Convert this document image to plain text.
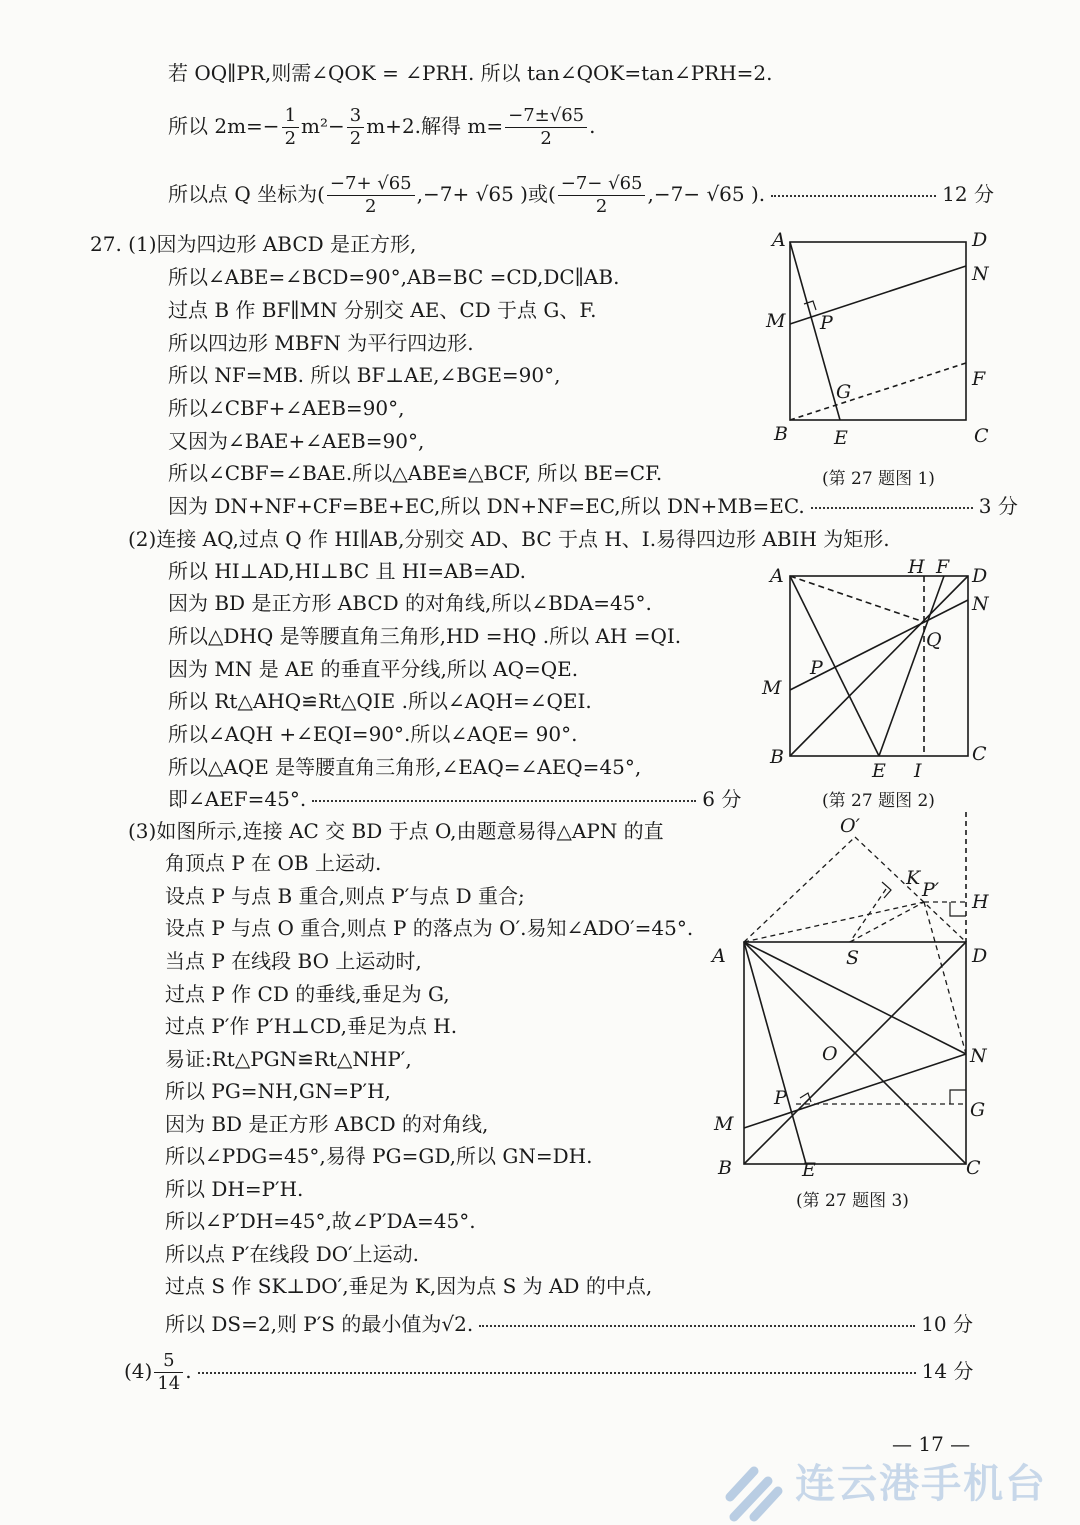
若 OQ∥PR,则需∠QOK = ∠PRH. 所以 tan∠QOK=tan∠PRH=2.
所以 $2m=- \frac{1}{2} m^2- \frac{3}{2} m+2$.解得 $m= \frac{-7\pm√65}{2}$ .
所以点 Q 坐标为( $\frac{-7+ √65}{2} ,-7+ √65$ )或( $\frac{-7- √65}{2} ,-7- √65$ ).	12 分
27. (1)因为四边形 ABCD 是正方形,
所以∠ABE=∠BCD=90°,AB=BC =CD,DC∥AB.
过点 B 作 BF∥MN 分别交 AE、CD 于点 G、F.
所以四边形 MBFN 为平行四边形.
所以 NF=MB. 所以 BF⊥AE,∠BGE=90°,
所以∠CBF+∠AEB=90°,
又因为∠BAE+∠AEB=90°,
所以∠CBF=∠BAE.所以△ABE≌△BCF, 所以 BE=CF.
因为 DN+NF+CF=BE+EC,所以 DN+NF=EC,所以 DN+MB=EC.	3 分
A	D
N
M P
F
G
B E	C
(第 27 题图 1)
(2)连接 AQ,过点 Q 作 HI∥AB,分别交 AD、BC 于点 H、I.易得四边形 ABIH 为矩形.
所以 HI⊥AD,HI⊥BC 且 HI=AB=AD.
因为 BD 是正方形 ABCD 的对角线,所以∠BDA=45°.
所以△DHQ 是等腰直角三角形,HD =HQ .所以 AH =QI.
因为 MN 是 AE 的垂直平分线,所以 AQ=QE.
所以 Rt△AHQ≌Rt△QIE .所以∠AQH=∠QEI.
所以∠AQH +∠EQI=90°.所以∠AQE= 90°.
所以△AQE 是等腰直角三角形,∠EAQ=∠AEQ=45°,
即∠AEF=45°.	6 分
A	H F D
N
Q
P
M
B	C
E I
(第 27 题图 2)
(3)如图所示,连接 AC 交 BD 于点 O,由题意易得△APN 的直
角顶点 P 在 OB 上运动.
设点 P 与点 B 重合,则点 P′与点 D 重合;
设点 P 与点 O 重合,则点 P 的落点为 O′.易知∠ADO′=45°.
当点 P 在线段 BO 上运动时,
过点 P 作 CD 的垂线,垂足为 G,
过点 P′作 P′H⊥CD,垂足为点 H.
易证:Rt△PGN≌Rt△NHP′,
所以 PG=NH,GN=P′H,
因为 BD 是正方形 ABCD 的对角线,
所以∠PDG=45°,易得 PG=GD,所以 GN=DH.
所以 DH=P′H.
所以∠P′DH=45°,故∠P′DA=45°.
所以点 P′在线段 DO′上运动.
过点 S 作 SK⊥DO′,垂足为 K,因为点 S 为 AD 的中点,
所以 DS=2,则 P′S 的最小值为√2.	10 分
O′
K
P′
H
A	S	D
O	N
P
G
M
B	E	C
(第 27 题图 3)
$(4) \frac{5}{14}$ .	14 分
— 17 —
连云港手机台
